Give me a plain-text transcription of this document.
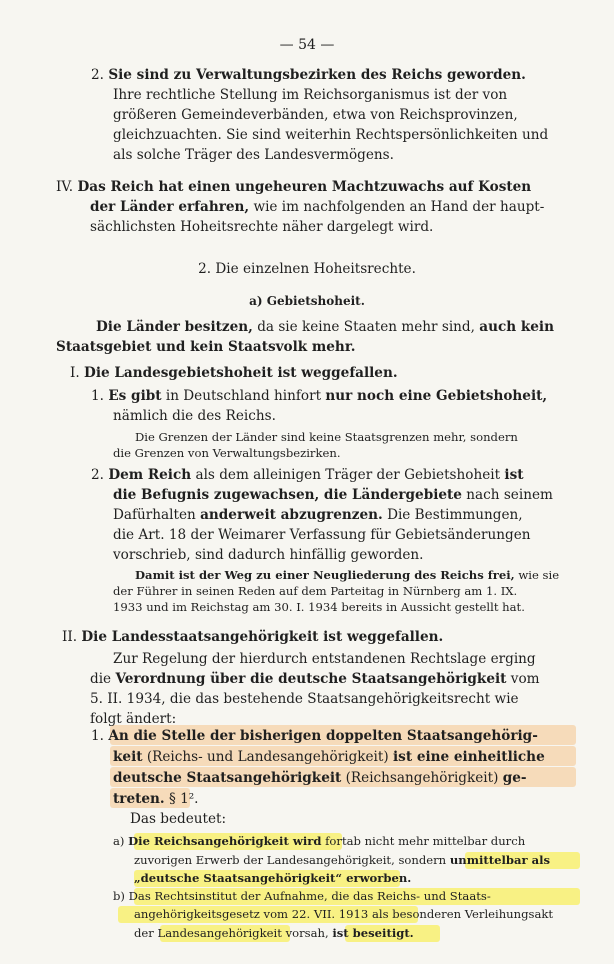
— 54 —
2. Sie sind zu Verwaltungsbezirken des Reichs geworden.
Ihre rechtliche Stellung im Reichsorganismus ist der von
größeren Gemeindeverbänden, etwa von Reichsprovinzen,
gleichzuachten. Sie sind weiterhin Rechtspersönlichkeiten und
als solche Träger des Landesvermögens.
IV. Das Reich hat einen ungeheuren Machtzuwachs auf Kosten
der Länder erfahren, wie im nachfolgenden an Hand der haupt-
sächlichsten Hoheitsrechte näher dargelegt wird.
2. Die einzelnen Hoheitsrechte.
a) Gebietshoheit.
Die Länder besitzen, da sie keine Staaten mehr sind, auch kein
Staatsgebiet und kein Staatsvolk mehr.
I. Die Landesgebietshoheit ist weggefallen.
1. Es gibt in Deutschland hinfort nur noch eine Gebietshoheit,
nämlich die des Reichs.
Die Grenzen der Länder sind keine Staatsgrenzen mehr, sondern
die Grenzen von Verwaltungsbezirken.
2. Dem Reich als dem alleinigen Träger der Gebietshoheit ist
die Befugnis zugewachsen, die Ländergebiete nach seinem
Dafürhalten anderweit abzugrenzen. Die Bestimmungen,
die Art. 18 der Weimarer Verfassung für Gebietsänderungen
vorschrieb, sind dadurch hinfällig geworden.
Damit ist der Weg zu einer Neugliederung des Reichs frei, wie sie
der Führer in seinen Reden auf dem Parteitag in Nürnberg am 1. IX.
1933 und im Reichstag am 30. I. 1934 bereits in Aussicht gestellt hat.
II. Die Landesstaatsangehörigkeit ist weggefallen.
Zur Regelung der hierdurch entstandenen Rechtslage erging
die Verordnung über die deutsche Staatsangehörigkeit vom
5. II. 1934, die das bestehende Staatsangehörigkeitsrecht wie
folgt ändert:
1. An die Stelle der bisherigen doppelten Staatsangehörig-
keit (Reichs- und Landesangehörigkeit) ist eine einheitliche
deutsche Staatsangehörigkeit (Reichsangehörigkeit) ge-
treten. § 1².
Das bedeutet:
a) Die Reichsangehörigkeit wird fortab nicht mehr mittelbar durch
zuvorigen Erwerb der Landesangehörigkeit, sondern unmittelbar als
„deutsche Staatsangehörigkeit“ erworben.
b) Das Rechtsinstitut der Aufnahme, die das Reichs- und Staats-
angehörigkeitsgesetz vom 22. VII. 1913 als besonderen Verleihungsakt
der Landesangehörigkeit vorsah, ist beseitigt.
